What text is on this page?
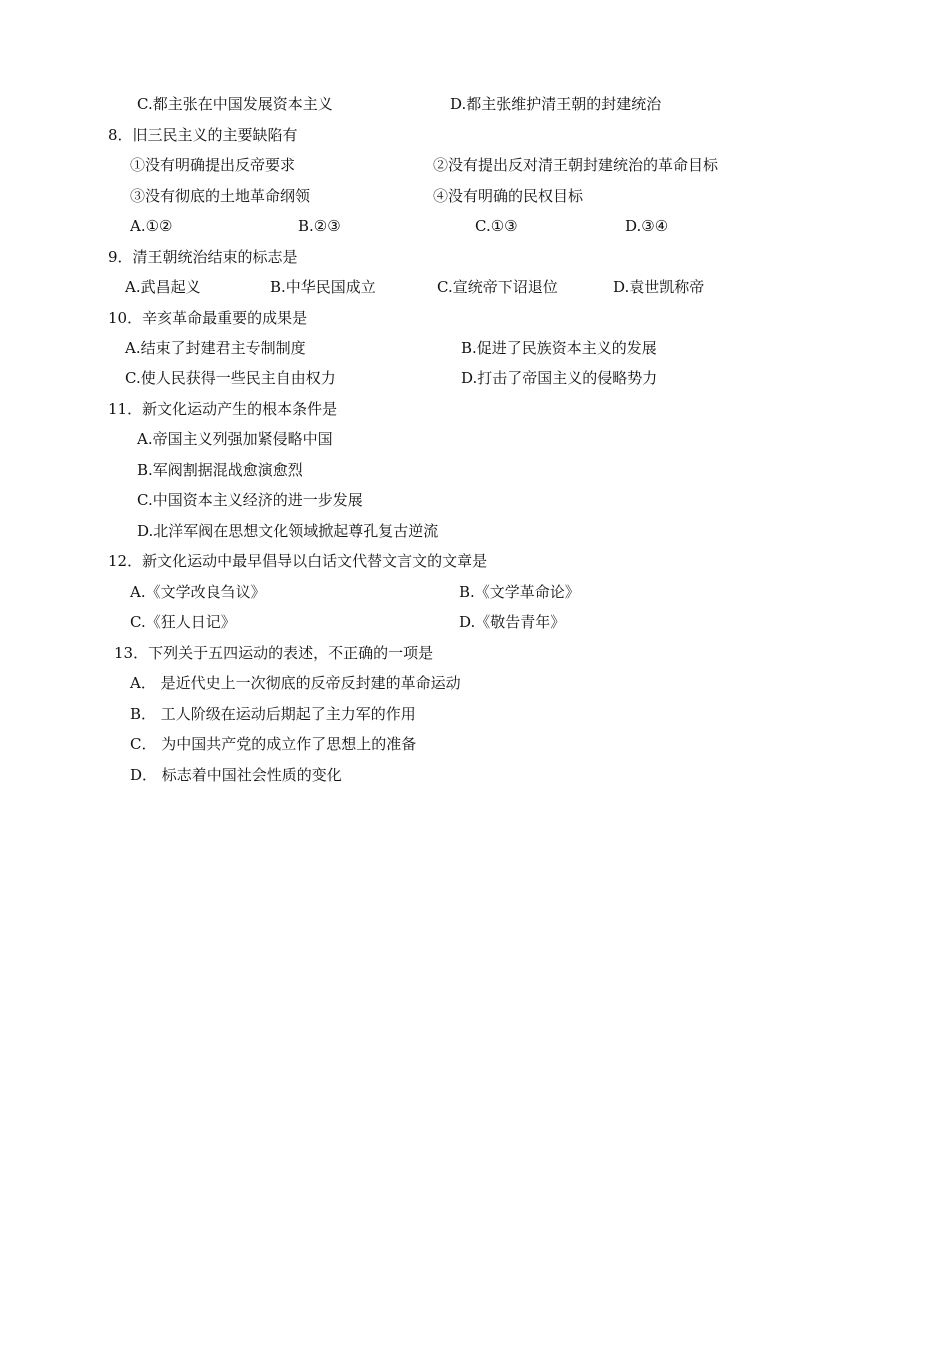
C.都主张在中国发展资本主义	D.都主张维护清王朝的封建统治
8．旧三民主义的主要缺陷有
①没有明确提出反帝要求	②没有提出反对清王朝封建统治的革命目标
③没有彻底的土地革命纲领	④没有明确的民权目标
A.①②	B.②③	C.①③	D.③④
9．清王朝统治结束的标志是
A.武昌起义	B.中华民国成立	C.宣统帝下诏退位	D.袁世凯称帝
10．辛亥革命最重要的成果是
A.结束了封建君主专制制度	B.促进了民族资本主义的发展
C.使人民获得一些民主自由权力	D.打击了帝国主义的侵略势力
11．新文化运动产生的根本条件是
A.帝国主义列强加紧侵略中国
B.军阀割据混战愈演愈烈
C.中国资本主义经济的进一步发展
D.北洋军阀在思想文化领域掀起尊孔复古逆流
12．新文化运动中最早倡导以白话文代替文言文的文章是
A.《文学改良刍议》	B.《文学革命论》
C.《狂人日记》	D.《敬告青年》
13．下列关于五四运动的表述，不正确的一项是
A． 是近代史上一次彻底的反帝反封建的革命运动
B． 工人阶级在运动后期起了主力军的作用
C． 为中国共产党的成立作了思想上的准备
D． 标志着中国社会性质的变化
